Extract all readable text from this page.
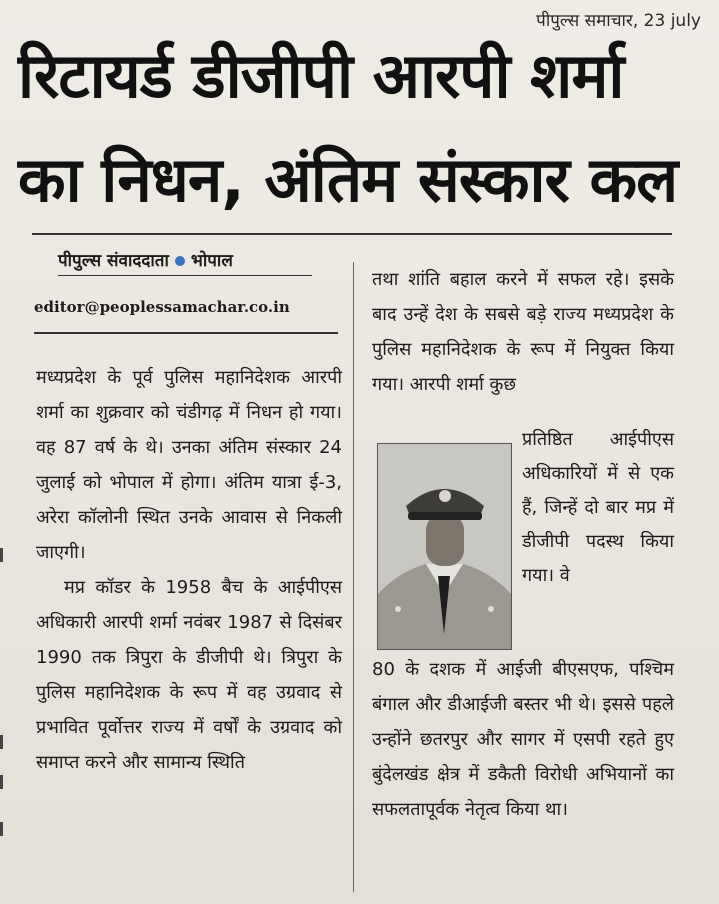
पीपुल्स समाचार, 23 july
रिटायर्ड डीजीपी आरपी शर्मा
का निधन, अंतिम संस्कार कल
पीपुल्स संवाददाता भोपाल
editor@peoplessamachar.co.in

मध्यप्रदेश के पूर्व पुलिस महानिदेशक आरपी शर्मा का शुक्रवार को चंडीगढ़ में निधन हो गया। वह 87 वर्ष के थे। उनका अंतिम संस्कार 24 जुलाई को भोपाल में होगा। अंतिम यात्रा ई-3, अरेरा कॉलोनी स्थित उनके आवास से निकली जाएगी।

मप्र कॉडर के 1958 बैच के आईपीएस अधिकारी आरपी शर्मा नवंबर 1987 से दिसंबर 1990 तक त्रिपुरा के डीजीपी थे। त्रिपुरा के पुलिस महानिदेशक के रूप में वह उग्रवाद से प्रभावित पूर्वोत्तर राज्य में वर्षों के उग्रवाद को समाप्त करने और सामान्य स्थिति

तथा शांति बहाल करने में सफल रहे। इसके बाद उन्हें देश के सबसे बड़े राज्य मध्यप्रदेश के पुलिस महानिदेशक के रूप में नियुक्त किया गया। आरपी शर्मा कुछ

प्रतिष्ठित आईपीएस अधिकारियों में से एक हैं, जिन्हें दो बार मप्र में डीजीपी पदस्थ किया गया। वे

80 के दशक में आईजी बीएसएफ, पश्चिम बंगाल और डीआईजी बस्तर भी थे। इससे पहले उन्होंने छतरपुर और सागर में एसपी रहते हुए बुंदेलखंड क्षेत्र में डकैती विरोधी अभियानों का सफलतापूर्वक नेतृत्व किया था।
